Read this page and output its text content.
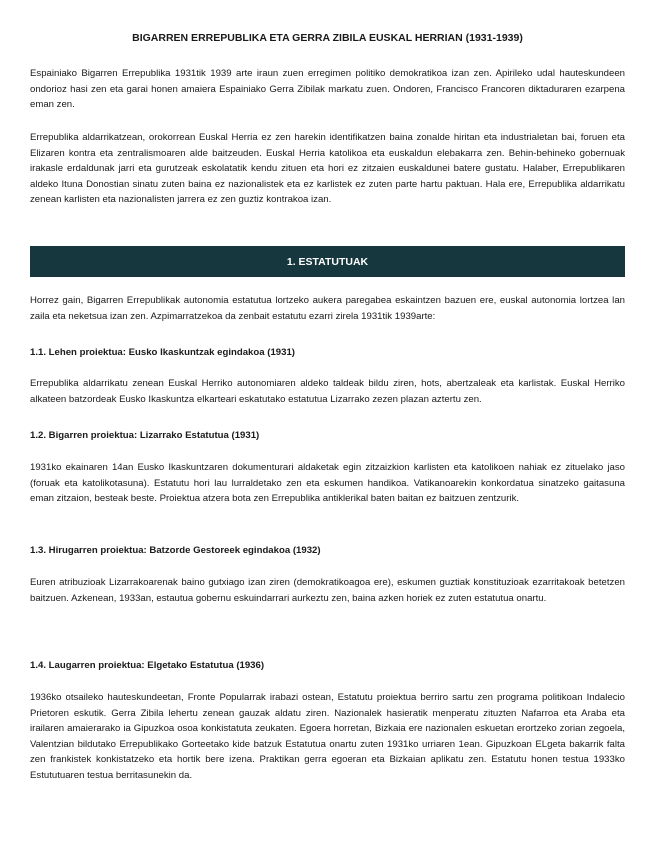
BIGARREN ERREPUBLIKA ETA GERRA ZIBILA EUSKAL HERRIAN (1931-1939)

Espainiako Bigarren Errepublika 1931tik 1939 arte iraun zuen erregimen politiko demokratikoa izan zen. Apirileko udal hauteskundeen ondorioz hasi zen eta garai honen amaiera Espainiako Gerra Zibilak markatu zuen. Ondoren, Francisco Francoren diktaduraren ezarpena eman zen.

Errepublika aldarrikatzean, orokorrean Euskal Herria ez zen harekin identifikatzen baina zonalde hiritan eta industrialetan bai, foruen eta Elizaren kontra eta zentralismoaren alde baitzeuden. Euskal Herria katolikoa eta euskaldun elebakarra zen. Behin-behineko gobernuak irakasle erdaldunak jarri eta gurutzeak eskolatatik kendu zituen eta hori ez zitzaien euskaldunei batere gustatu. Halaber, Errepublikaren aldeko Ituna Donostian sinatu zuten baina ez nazionalistek eta ez karlistek ez zuten parte hartu paktuan. Hala ere, Errepublika aldarrikatu zenean karlisten eta nazionalisten jarrera ez zen guztiz kontrakoa izan.

1. ESTATUTUAK

Horrez gain, Bigarren Errepublikak autonomia estatutua lortzeko aukera paregabea eskaintzen bazuen ere, euskal autonomia lortzea lan zaila eta neketsua izan zen. Azpimarratzekoa da zenbait estatutu ezarri zirela 1931tik 1939arte:

1.1. Lehen proiektua: Eusko Ikaskuntzak egindakoa (1931)

Errepublika aldarrikatu zenean Euskal Herriko autonomiaren aldeko taldeak bildu ziren, hots, abertzaleak eta karlistak. Euskal Herriko alkateen batzordeak Eusko Ikaskuntza elkarteari eskatutako estatutua Lizarrako zezen plazan aztertu zen.

1.2. Bigarren proiektua: Lizarrako Estatutua (1931)

1931ko ekainaren 14an Eusko Ikaskuntzaren dokumenturari aldaketak egin zitzaizkion karlisten eta katolikoen nahiak ez zituelako jaso (foruak eta katolikotasuna). Estatutu hori lau lurraldetako zen eta eskumen handikoa. Vatikanoarekin konkordatua sinatzeko gaitasuna eman zitzaion, besteak beste. Proiektua atzera bota zen Errepublika antiklerikal baten baitan ez baitzuen zentzurik.

1.3. Hirugarren proiektua: Batzorde Gestoreek egindakoa (1932)

Euren atribuzioak Lizarrakoarenak baino gutxiago izan ziren (demokratikoagoa ere), eskumen guztiak konstituzioak ezarritakoak betetzen baitzuen. Azkenean, 1933an, estautua gobernu eskuindarrari aurkeztu zen, baina azken horiek ez zuten estatutua onartu.

1.4. Laugarren proiektua: Elgetako Estatutua (1936)

1936ko otsaileko hauteskundeetan, Fronte Popularrak irabazi ostean, Estatutu proiektua berriro sartu zen programa politikoan Indalecio Prietoren eskutik. Gerra Zibila lehertu zenean gauzak aldatu ziren. Nazionalek hasieratik menperatu zituzten Nafarroa eta Araba eta irailaren amaierarako ia Gipuzkoa osoa konkistatuta zeukaten. Egoera horretan, Bizkaia ere nazionalen eskuetan erortzeko zorian zegoela, Valentzian bildutako Errepublikako Gorteetako kide batzuk Estatutua onartu zuten 1931ko urriaren 1ean. Gipuzkoan ELgeta bakarrik falta zen frankistek konkistatzeko eta hortik bere izena. Praktikan gerra egoeran eta Bizkaian aplikatu zen. Estatutu honen testua 1933ko Estututuaren testua berritasunekin da.
